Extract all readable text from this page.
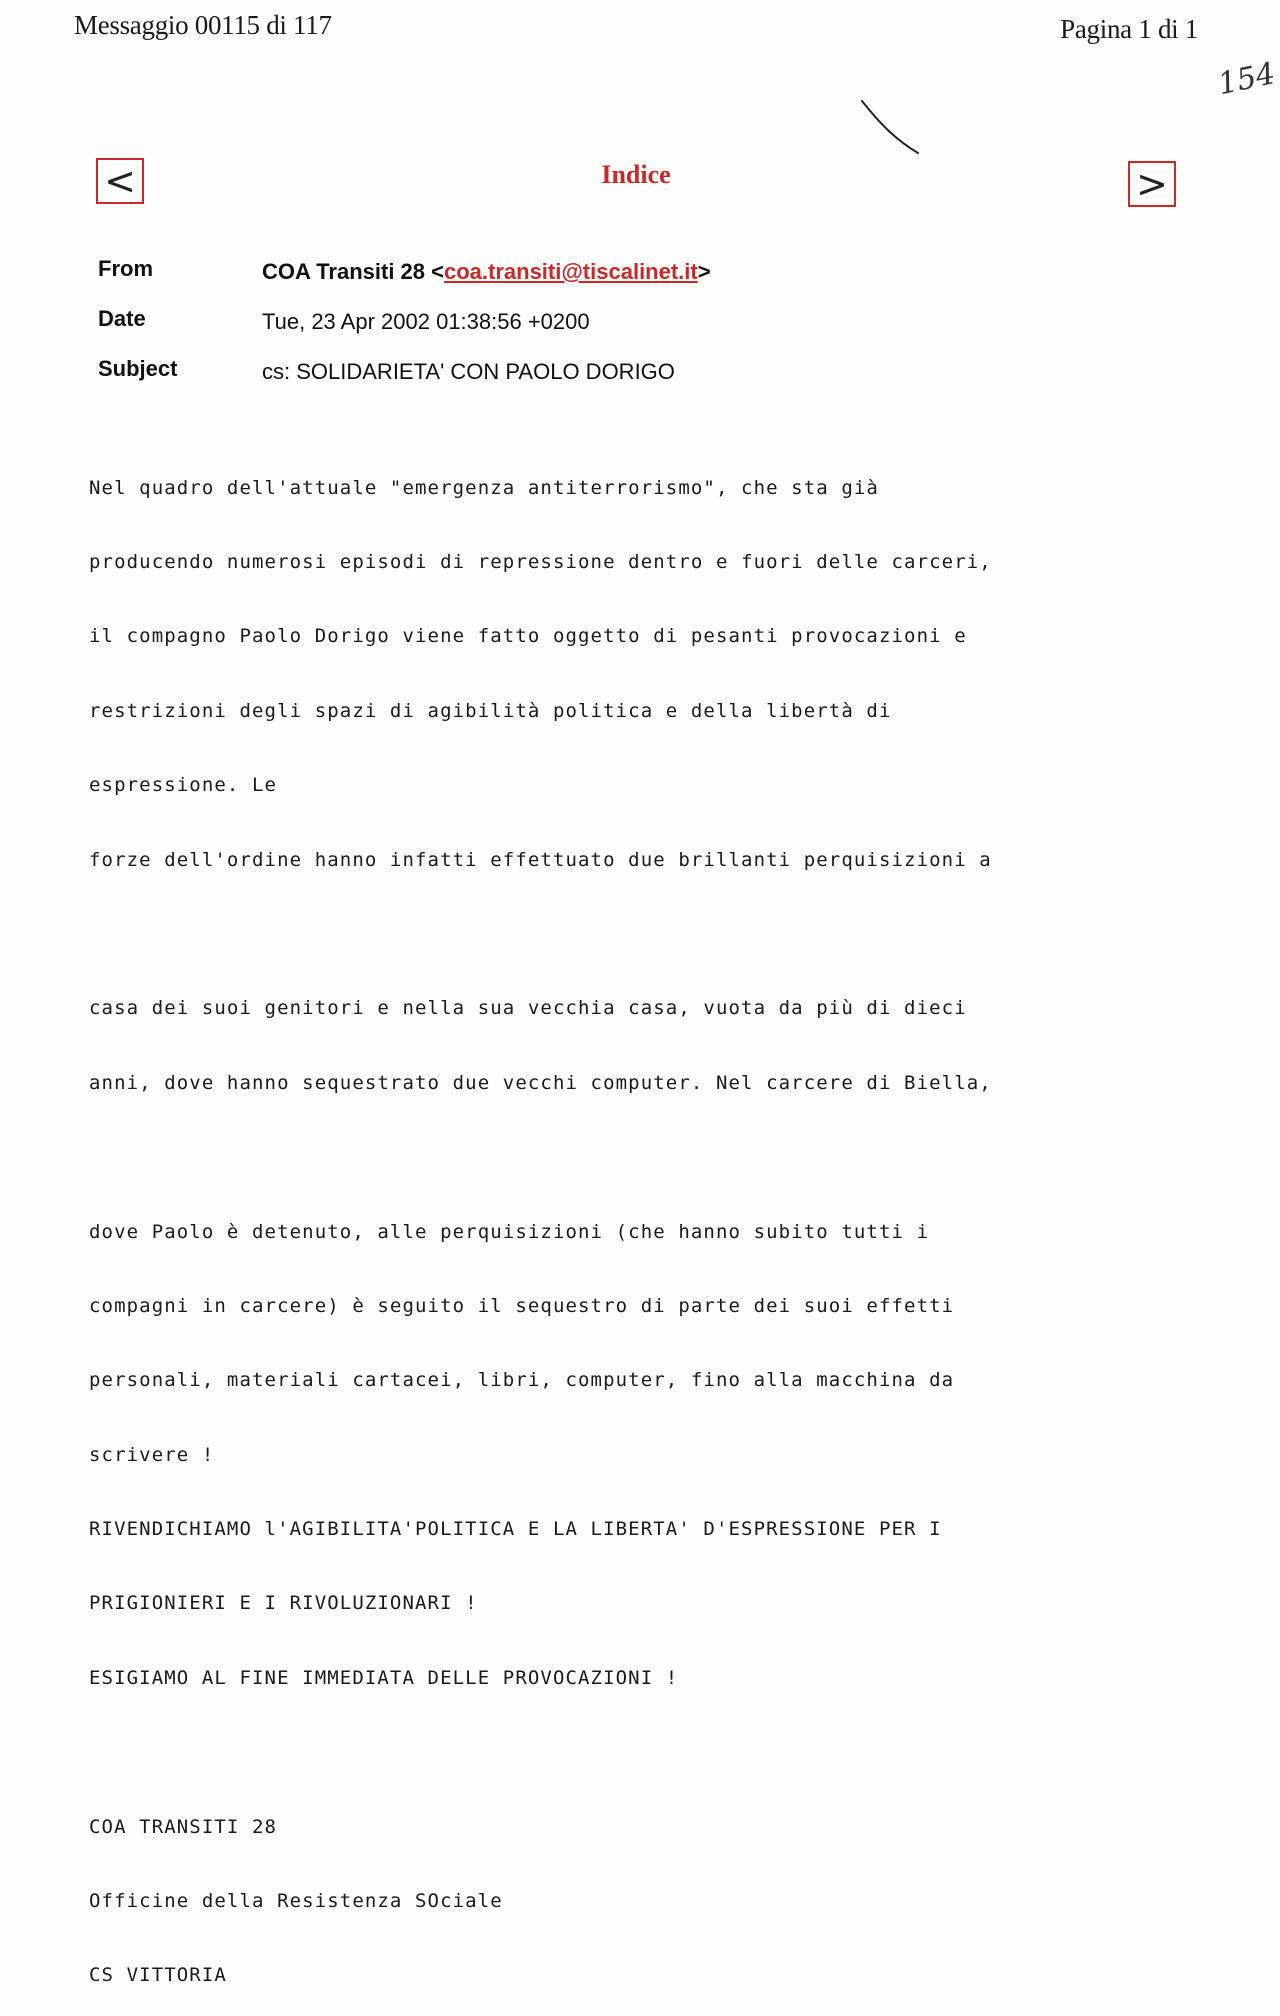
Messaggio 00115 di 117	Pagina 1 di 1
154
<	Indice	>
From	COA Transiti 28 <coa.transiti@tiscalinet.it>
Date	Tue, 23 Apr 2002 01:38:56 +0200
Subject	cs: SOLIDARIETA' CON PAOLO DORIGO

Nel quadro dell'attuale "emergenza antiterrorismo", che sta già

producendo numerosi episodi di repressione dentro e fuori delle carceri,

il compagno Paolo Dorigo viene fatto oggetto di pesanti provocazioni e

restrizioni degli spazi di agibilità politica e della libertà di

espressione. Le

forze dell'ordine hanno infatti effettuato due brillanti perquisizioni a

casa dei suoi genitori e nella sua vecchia casa, vuota da più di dieci

anni, dove hanno sequestrato due vecchi computer. Nel carcere di Biella,

dove Paolo è detenuto, alle perquisizioni (che hanno subito tutti i

compagni in carcere) è seguito il sequestro di parte dei suoi effetti

personali, materiali cartacei, libri, computer, fino alla macchina da

scrivere !

RIVENDICHIAMO l'AGIBILITA'POLITICA E LA LIBERTA' D'ESPRESSIONE PER I

PRIGIONIERI E I RIVOLUZIONARI !

ESIGIAMO AL FINE IMMEDIATA DELLE PROVOCAZIONI !

COA TRANSITI 28

Officine della Resistenza SOciale

CS VITTORIA
